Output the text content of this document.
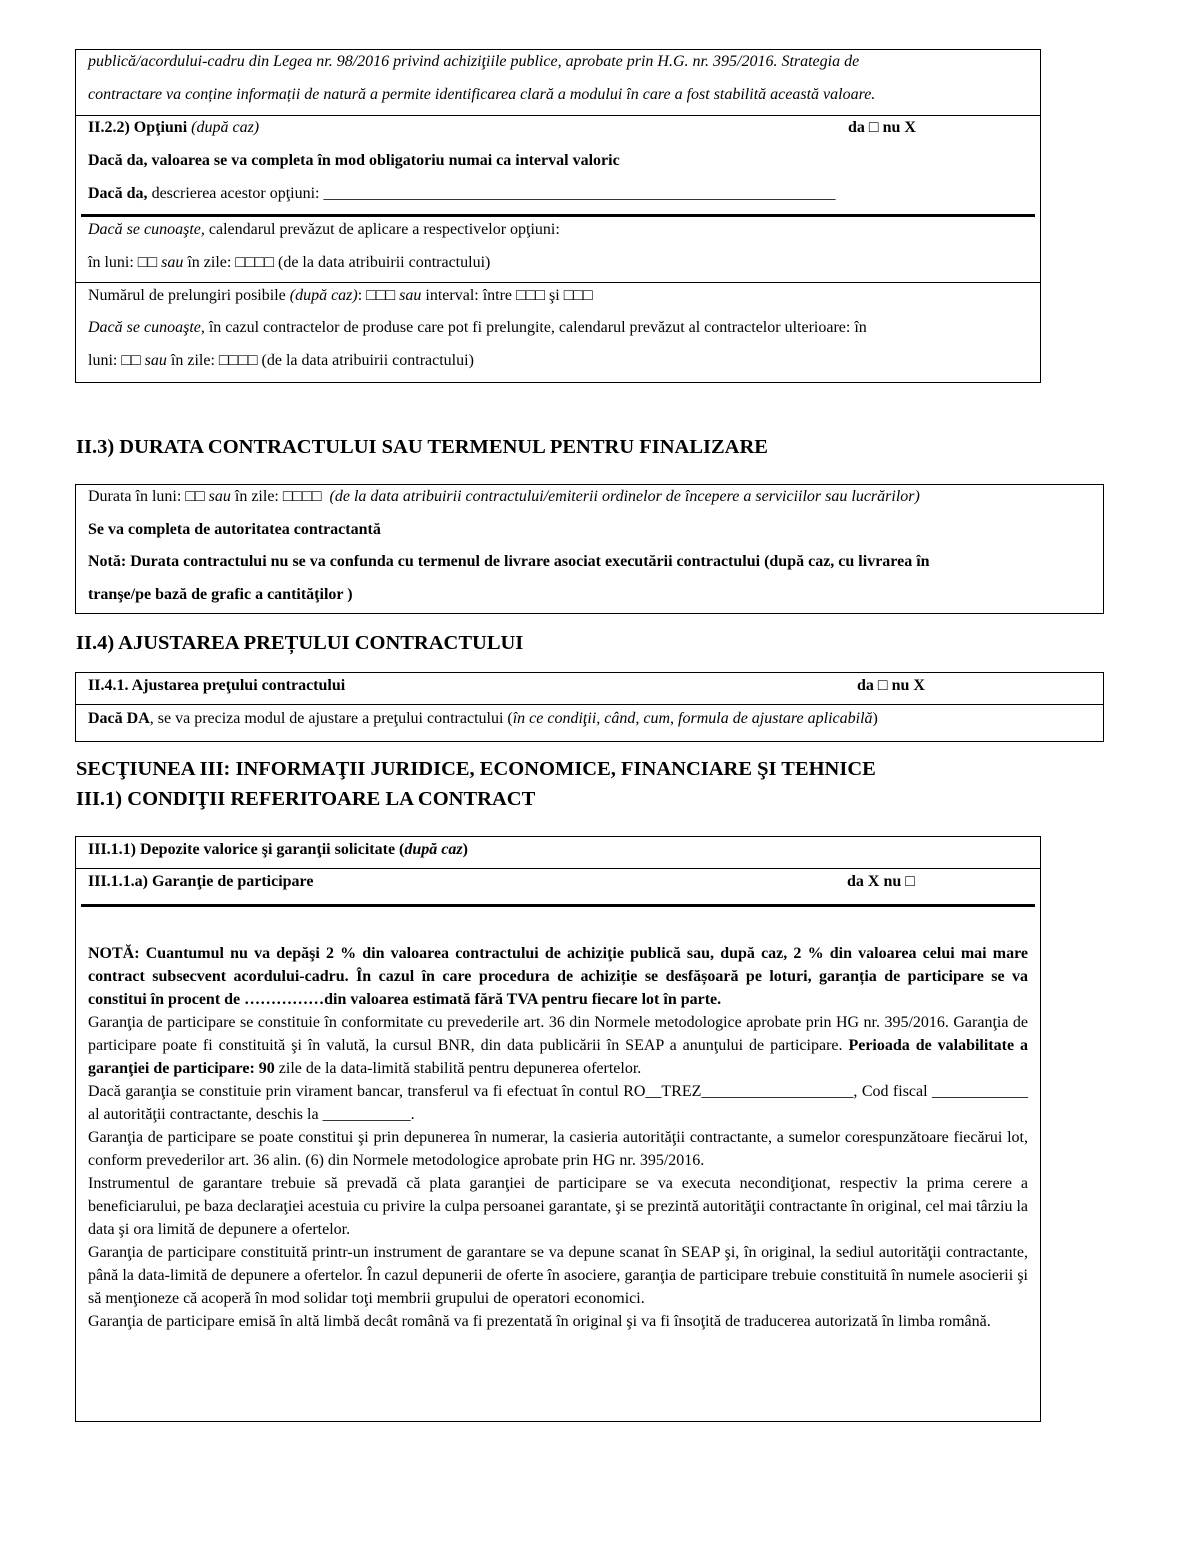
publică/acordului-cadru din Legea nr. 98/2016 privind achiziţiile publice, aprobate prin H.G. nr. 395/2016. Strategia de
contractare va conține informații de natură a permite identificarea clară a modului în care a fost stabilită această valoare.
II.2.2) Opţiuni (după caz)	da □ nu X
Dacă da, valoarea se va completa în mod obligatoriu numai ca interval valoric
Dacă da, descrierea acestor opţiuni: ________________________________________________________________
Dacă se cunoaşte, calendarul prevăzut de aplicare a respectivelor opţiuni:
în luni: □□ sau în zile: □□□□ (de la data atribuirii contractului)
Numărul de prelungiri posibile (după caz): □□□ sau interval: între □□□ şi □□□
Dacă se cunoaşte, în cazul contractelor de produse care pot fi prelungite, calendarul prevăzut al contractelor ulterioare: în
luni: □□ sau în zile: □□□□ (de la data atribuirii contractului)
II.3) DURATA CONTRACTULUI SAU TERMENUL PENTRU FINALIZARE
Durata în luni: □□ sau în zile: □□□□ (de la data atribuirii contractului/emiterii ordinelor de începere a serviciilor sau lucrărilor)
Se va completa de autoritatea contractantă
Notă: Durata contractului nu se va confunda cu termenul de livrare asociat executării contractului (după caz, cu livrarea în
tranşe/pe bază de grafic a cantităţilor )
II.4) AJUSTAREA PREȚULUI CONTRACTULUI
II.4.1. Ajustarea preţului contractului	da □ nu X
Dacă DA, se va preciza modul de ajustare a preţului contractului (în ce condiţii, când, cum, formula de ajustare aplicabilă)
SECŢIUNEA III: INFORMAŢII JURIDICE, ECONOMICE, FINANCIARE ŞI TEHNICE
III.1) CONDIŢII REFERITOARE LA CONTRACT
III.1.1) Depozite valorice şi garanţii solicitate (după caz)
III.1.1.a) Garanţie de participare	da X nu □

NOTĂ: Cuantumul nu va depăşi 2 % din valoarea contractului de achiziţie publică sau, după caz, 2 % din valoarea celui mai mare contract subsecvent acordului-cadru. În cazul în care procedura de achiziție se desfășoară pe loturi, garanția de participare se va constitui în procent de ……………din valoarea estimată fără TVA pentru fiecare lot în parte.

Garanţia de participare se constituie în conformitate cu prevederile art. 36 din Normele metodologice aprobate prin HG nr. 395/2016. Garanţia de participare poate fi constituită şi în valută, la cursul BNR, din data publicării în SEAP a anunţului de participare. Perioada de valabilitate a garanţiei de participare: 90 zile de la data-limită stabilită pentru depunerea ofertelor.

Dacă garanţia se constituie prin virament bancar, transferul va fi efectuat în contul RO__TREZ___________________, Cod fiscal ____________ al autorităţii contractante, deschis la ___________.

Garanţia de participare se poate constitui şi prin depunerea în numerar, la casieria autorităţii contractante, a sumelor corespunzătoare fiecărui lot, conform prevederilor art. 36 alin. (6) din Normele metodologice aprobate prin HG nr. 395/2016.

Instrumentul de garantare trebuie să prevadă că plata garanţiei de participare se va executa necondiţionat, respectiv la prima cerere a beneficiarului, pe baza declaraţiei acestuia cu privire la culpa persoanei garantate, şi se prezintă autorităţii contractante în original, cel mai târziu la data şi ora limită de depunere a ofertelor.

Garanţia de participare constituită printr-un instrument de garantare se va depune scanat în SEAP şi, în original, la sediul autorităţii contractante, până la data-limită de depunere a ofertelor. În cazul depunerii de oferte în asociere, garanţia de participare trebuie constituită în numele asocierii şi să menţioneze că acoperă în mod solidar toţi membrii grupului de operatori economici.

Garanţia de participare emisă în altă limbă decât română va fi prezentată în original şi va fi însoţită de traducerea autorizată în limba română.
